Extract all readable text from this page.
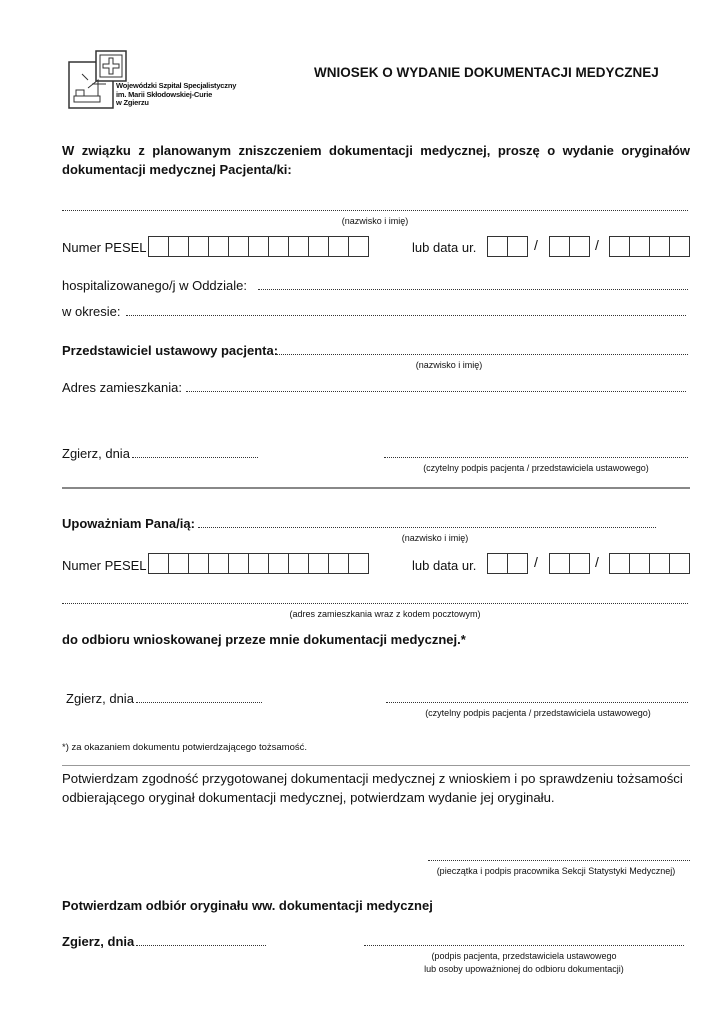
Wojewódzki Szpital Specjalistyczny
im. Marii Skłodowskiej-Curie
w Zgierzu
WNIOSEK O WYDANIE DOKUMENTACJI MEDYCZNEJ
W związku z planowanym zniszczeniem dokumentacji medycznej, proszę o wydanie oryginałów dokumentacji medycznej Pacjenta/ki:
(nazwisko i imię)
Numer PESEL	lub data ur.	/	/
hospitalizowanego/j w Oddziale:
w okresie:
Przedstawiciel ustawowy pacjenta:
(nazwisko i imię)
Adres zamieszkania:
Zgierz, dnia
(czytelny podpis pacjenta / przedstawiciela ustawowego)
Upoważniam Pana/ią:
(nazwisko i imię)
Numer PESEL	lub data ur.	/	/
(adres zamieszkania wraz z kodem pocztowym)
do odbioru wnioskowanej przeze mnie dokumentacji medycznej.*
Zgierz, dnia
(czytelny podpis pacjenta / przedstawiciela ustawowego)
*) za okazaniem dokumentu potwierdzającego tożsamość.
Potwierdzam zgodność przygotowanej dokumentacji medycznej z wnioskiem i po sprawdzeniu tożsamości odbierającego oryginał dokumentacji medycznej, potwierdzam wydanie jej oryginału.
(pieczątka i podpis pracownika Sekcji Statystyki Medycznej)
Potwierdzam odbiór oryginału ww. dokumentacji medycznej
Zgierz, dnia
(podpis pacjenta, przedstawiciela ustawowego
lub osoby upoważnionej do odbioru dokumentacji)
